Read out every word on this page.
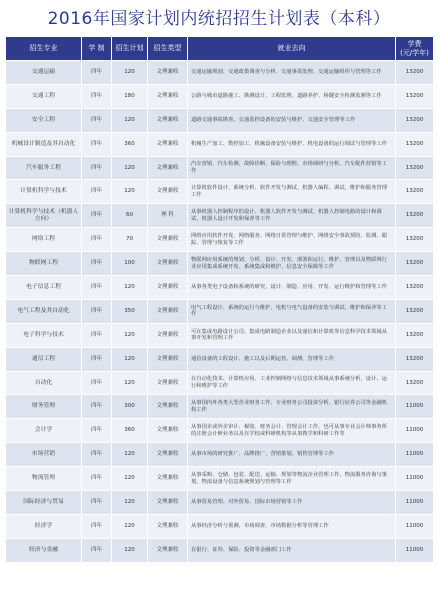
2016年国家计划内统招招生计划表（本科）
招生专业	学 制	招生计划	招生类型	就业去向	学费
(元/学年)
交通运输	四年	120	文理兼收	交通运输规划、交通政策调查与分析、交通事故处理、交通运输组织与管理等工作	13200
交通工程	四年	180	文理兼收	公路与城市道路施工、勘测设计、工程监理、道路养护、桥隧安全检测监测等工作	13200
安全工程	四年	120	文理兼收	道路交通事故勘查、交通监控设备的安装与维护、交通安全管理等工作	13200
机械设计制造及其自动化	四年	360	文理兼收	机械生产加工、数控加工、机械设备安装与维护、机电设备的运行调试与管理等工作	13200
汽车服务工程	四年	120	文理兼收	汽车营销、汽车检测、故障诊断、保险与理赔、市场调研与分析、汽车配件营销等工作	13200
计算机科学与技术	四年	120	文理兼收	计算机软件设计、系统分析、软件开发与测试、机器人编程、调试、维护和服务管理工作	13200
计算机科学与技术（机器人方向）	四年	60	理 科	从事机器人控制程序的设计、机器人软件开发与测试、机器人控制电路的设计和调试、机器人设计开发和保养等工作	13200
网络工程	四年	70	文理兼收	网络应用软件开发、网络服务、网络日常管理与维护、网络安全事故预防、监测、跟踪、管理与恢复等工作	13200
物联网工程	四年	100	文理兼收	物联网应用系统的规划、分析、设计、开发、部署和运行、维护、管理以及物联网行业应用集成系统开发、系统集成和维护、信息安全保障等工作	13200
电子信息工程	四年	120	文理兼收	从事各类电子设备和系统的研究、设计、制造、应用、开发、运行维护和管理等工作	13200
电气工程及其自动化	四年	350	文理兼收	电气工程设计、系统的运行与维护、电机与电气设备的安装与调试、维护和保养等工作	13200
电子科学与技术	四年	120	文理兼收	可在集成电路设计公司、集成电路制造企业以及通信和计算机等信息科学技术领域从事开发和管理工作	13200
通信工程	四年	120	文理兼收	通信设备的工程设计、施工以及后期运营、调测、管理等工作	13200
自动化	四年	120	文理兼收	在自动化技术、计算机应用、工业控制网络与信息技术领域从事系统分析、设计、运行和维护等工作	13200
财务管理	四年	300	文理兼收	从事国内外各类大型企业财务工作、专业财务公司投资分析、银行证券公司等金融机构工作	11000
会计学	四年	360	文理兼收	从事国企或外企审计、税收、财务会计、管理会计工作，也可从事专业会计师事务所的注册会计师业务以及在学校或科研机构等从事教学和科研工作等	11000
市场营销	四年	120	文理兼收	从事市场的研究推广、品牌推广、营销策划、销售管理等工作	11000
物流管理	四年	120	文理兼收	从事采购、仓储、包装、配送、运输、规划等物流企业管理工作，物流服务咨询与策划，物流设备与信息系统规划与管理等工作	11000
国际经济与贸易	四年	120	文理兼收	从事贸易管理、对外贸易、国际市场营销等工作	11000
经济学	四年	120	文理兼收	从事经济分析与预测、市场调查、市场数据分析等管理工作	11000
经济与金融	四年	120	文理兼收	在银行、证券、保险、投资等金融部门工作	11000
